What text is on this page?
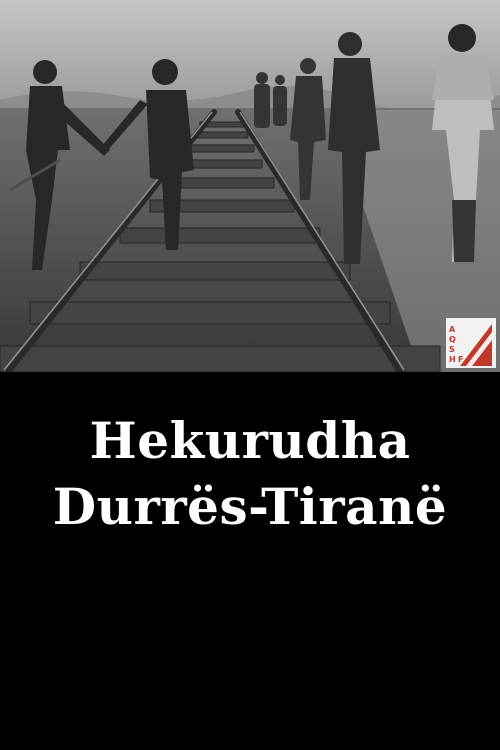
A
Q
S
H F
Hekurudha
Durrës-Tiranë
